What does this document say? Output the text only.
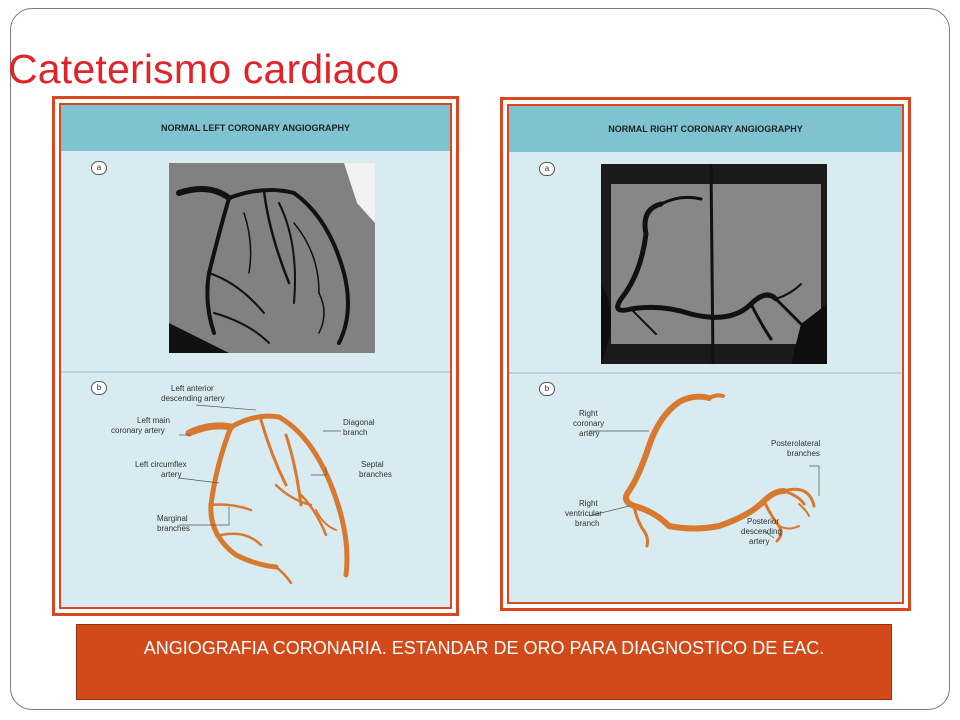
Cateterismo cardiaco
NORMAL LEFT CORONARY ANGIOGRAPHY
a
b	Left anterior
descending artery
Left main
coronary artery
Left circumflex
artery
Marginal
branches
Diagonal
branch
Septal
branches
NORMAL RIGHT CORONARY ANGIOGRAPHY
a
b
Right
coronary
artery
Right
ventricular
branch
Posterolateral
branches
Posterior
descending
artery
ANGIOGRAFIA CORONARIA. ESTANDAR DE ORO PARA DIAGNOSTICO DE EAC.
